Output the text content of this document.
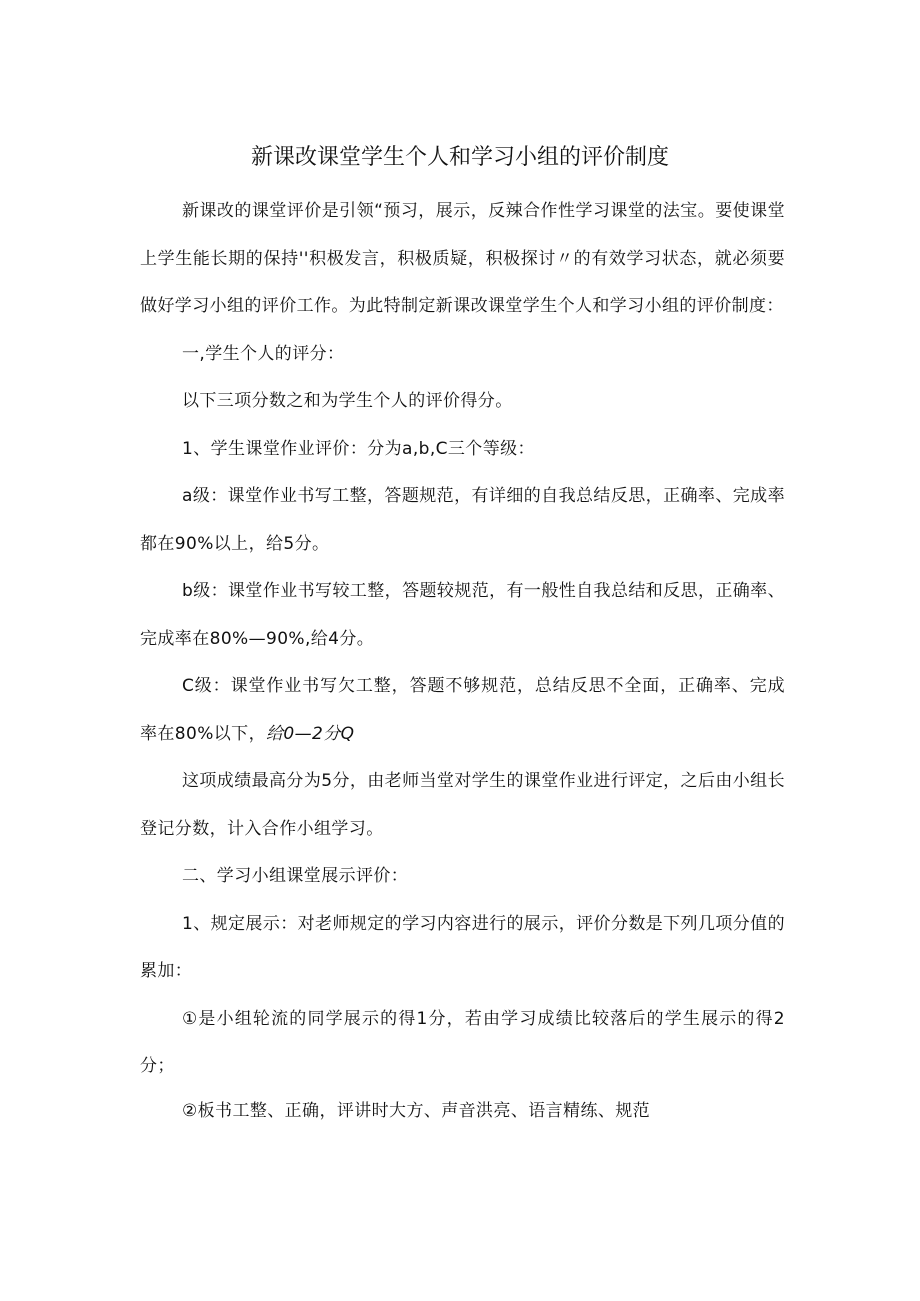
新课改课堂学生个人和学习小组的评价制度

新课改的课堂评价是引领“预习，展示，反辣合作性学习课堂的法宝。要使课堂上学生能长期的保持''积极发言，积极质疑，积极探讨〃的有效学习状态，就必须要做好学习小组的评价工作。为此特制定新课改课堂学生个人和学习小组的评价制度：

一,学生个人的评分：

以下三项分数之和为学生个人的评价得分。

1、学生课堂作业评价：分为a,b,C三个等级：

a级：课堂作业书写工整，答题规范，有详细的自我总结反思，正确率、完成率都在90%以上，给5分。

b级：课堂作业书写较工整，答题较规范，有一般性自我总结和反思，正确率、完成率在80%—90%,给4分。

C级：课堂作业书写欠工整，答题不够规范，总结反思不全面，正确率、完成率在80%以下，给0—2分Q

这项成绩最高分为5分，由老师当堂对学生的课堂作业进行评定，之后由小组长登记分数，计入合作小组学习。

二、学习小组课堂展示评价：

1、规定展示：对老师规定的学习内容进行的展示，评价分数是下列几项分值的累加：

①是小组轮流的同学展示的得1分，若由学习成绩比较落后的学生展示的得2分；

②板书工整、正确，评讲时大方、声音洪亮、语言精练、规范
